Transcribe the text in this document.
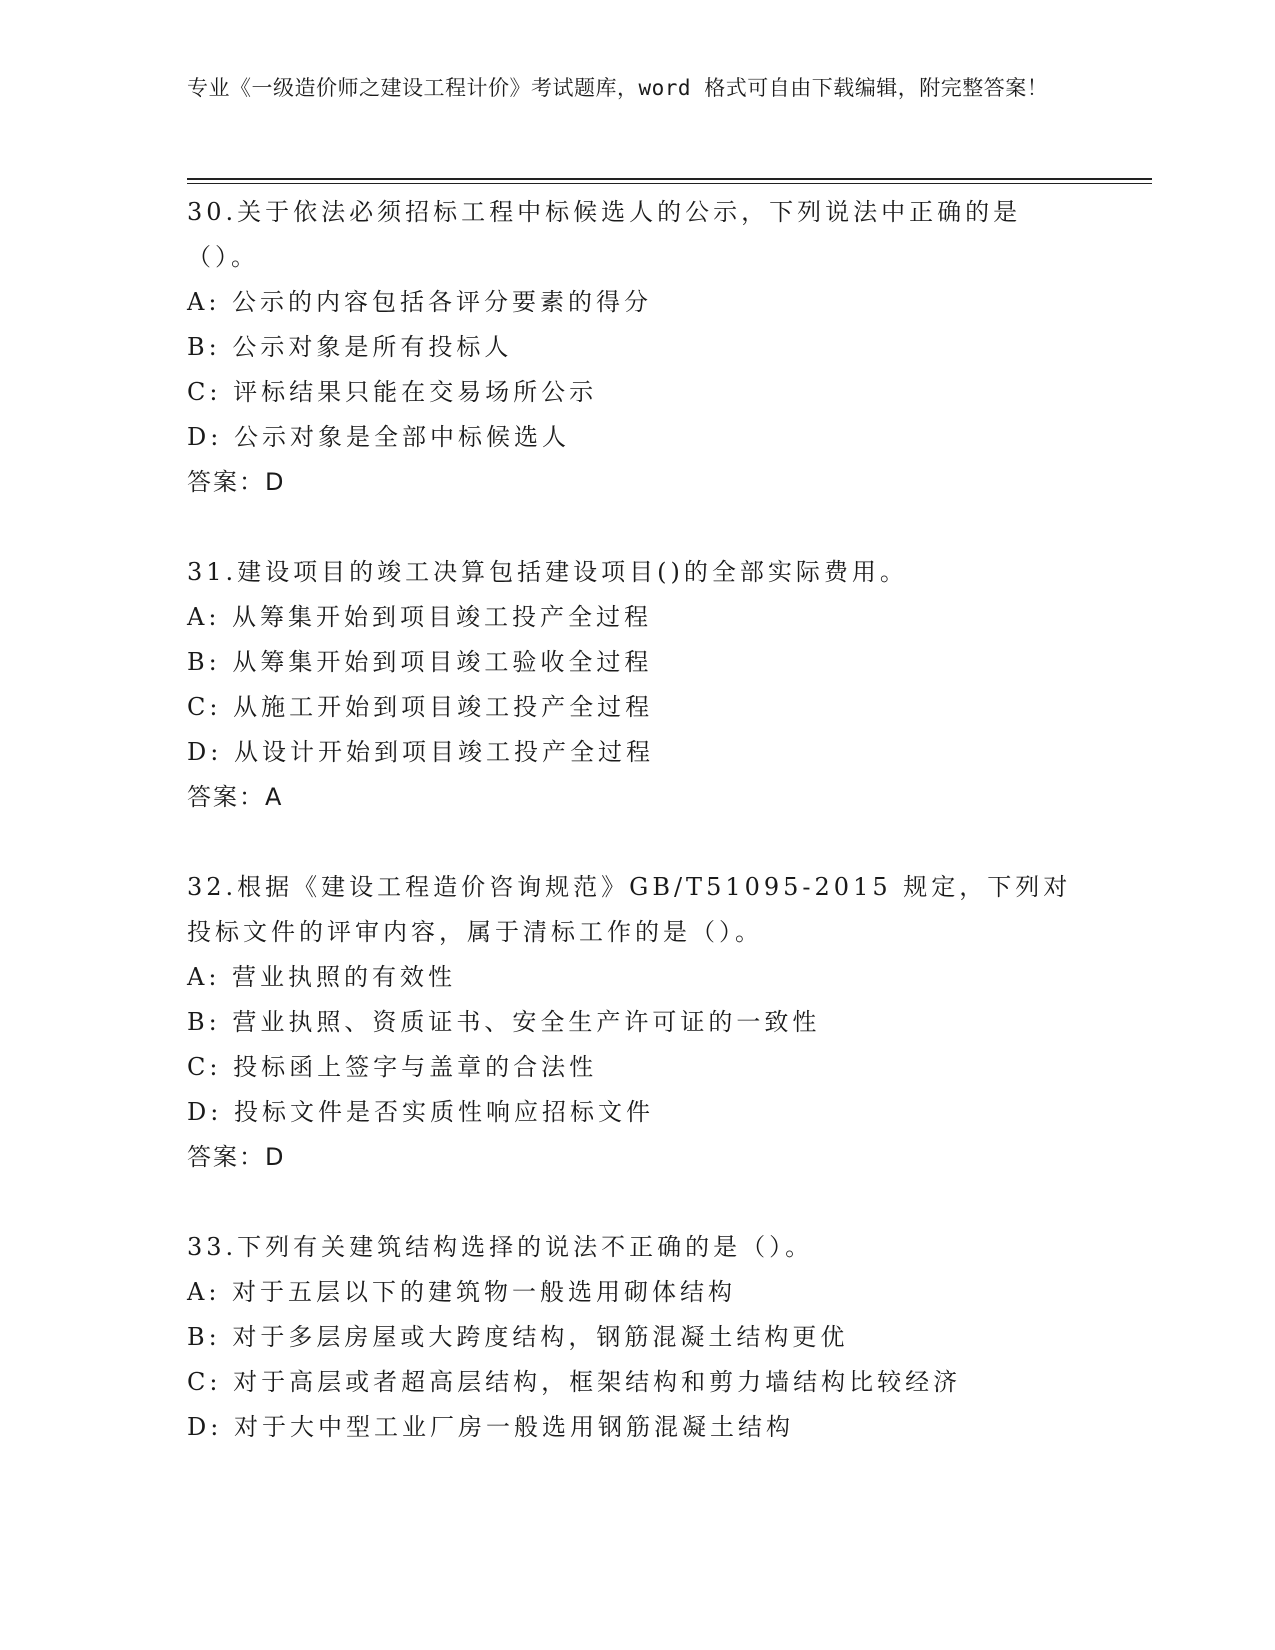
专业《一级造价师之建设工程计价》考试题库，word 格式可自由下载编辑，附完整答案！
30.关于依法必须招标工程中标候选人的公示，下列说法中正确的是（）。
A: 公示的内容包括各评分要素的得分
B: 公示对象是所有投标人
C: 评标结果只能在交易场所公示
D: 公示对象是全部中标候选人
答案：D
31.建设项目的竣工决算包括建设项目()的全部实际费用。
A: 从筹集开始到项目竣工投产全过程
B: 从筹集开始到项目竣工验收全过程
C: 从施工开始到项目竣工投产全过程
D: 从设计开始到项目竣工投产全过程
答案：A
32.根据《建设工程造价咨询规范》GB/T51095-2015 规定，下列对投标文件的评审内容，属于清标工作的是（）。
A: 营业执照的有效性
B: 营业执照、资质证书、安全生产许可证的一致性
C: 投标函上签字与盖章的合法性
D: 投标文件是否实质性响应招标文件
答案：D
33.下列有关建筑结构选择的说法不正确的是（）。
A: 对于五层以下的建筑物一般选用砌体结构
B: 对于多层房屋或大跨度结构，钢筋混凝土结构更优
C: 对于高层或者超高层结构，框架结构和剪力墙结构比较经济
D: 对于大中型工业厂房一般选用钢筋混凝土结构
